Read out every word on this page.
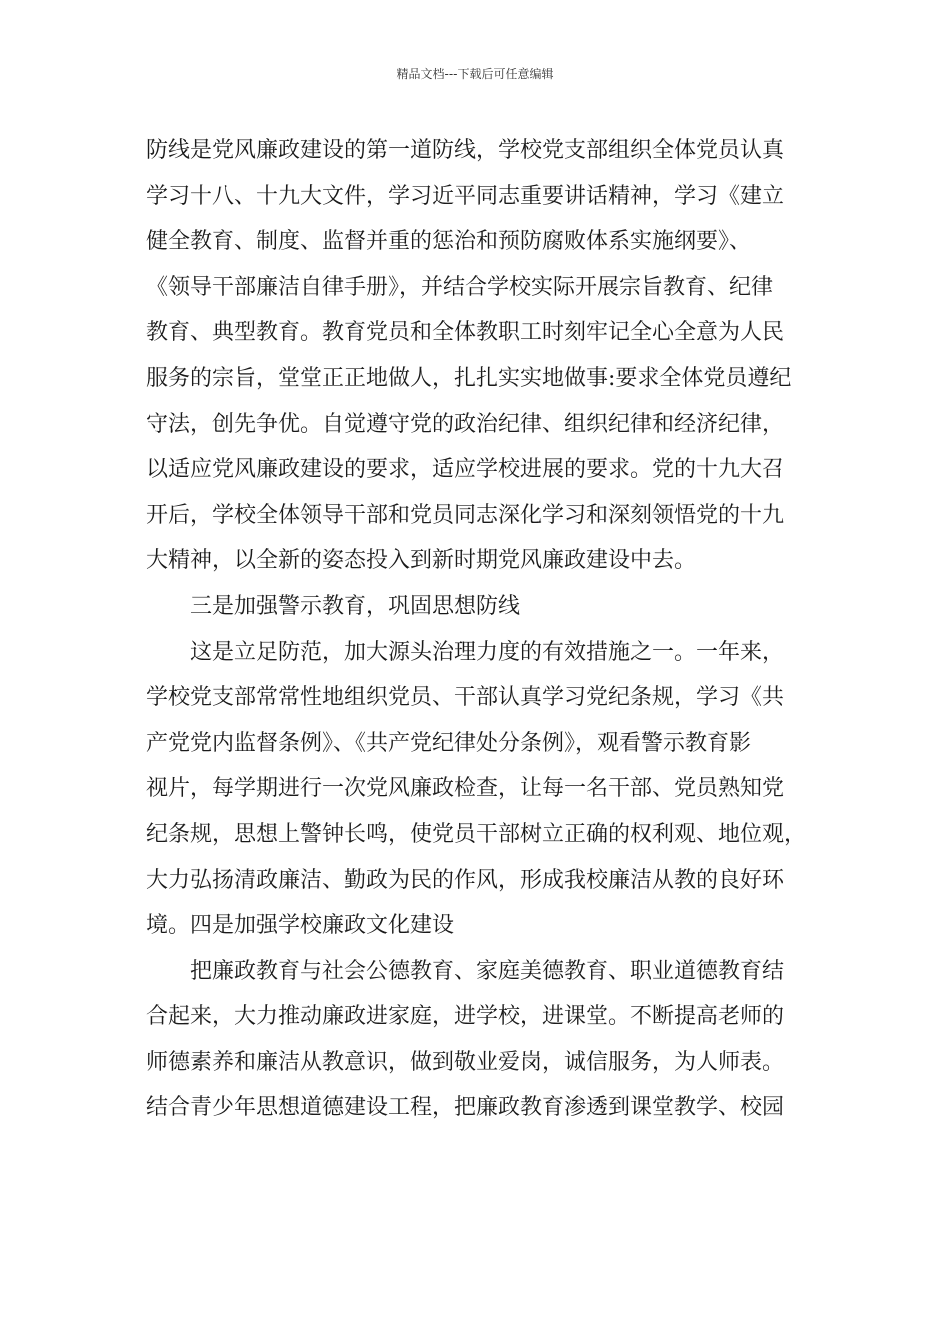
精品文档---下载后可任意编辑
防线是党风廉政建设的第一道防线，学校党支部组织全体党员认真
学习十八、十九大文件，学习近平同志重要讲话精神，学习《建立
健全教育、制度、监督并重的惩治和预防腐败体系实施纲要》、
《领导干部廉洁自律手册》，并结合学校实际开展宗旨教育、纪律
教育、典型教育。教育党员和全体教职工时刻牢记全心全意为人民
服务的宗旨，堂堂正正地做人，扎扎实实地做事:要求全体党员遵纪
守法，创先争优。自觉遵守党的政治纪律、组织纪律和经济纪律，
以适应党风廉政建设的要求，适应学校进展的要求。党的十九大召
开后，学校全体领导干部和党员同志深化学习和深刻领悟党的十九
大精神，以全新的姿态投入到新时期党风廉政建设中去。
三是加强警示教育，巩固思想防线
这是立足防范，加大源头治理力度的有效措施之一。一年来，
学校党支部常常性地组织党员、干部认真学习党纪条规，学习《共
产党党内监督条例》、《共产党纪律处分条例》，观看警示教育影
视片，每学期进行一次党风廉政检查，让每一名干部、党员熟知党
纪条规，思想上警钟长鸣，使党员干部树立正确的权利观、地位观，
大力弘扬清政廉洁、勤政为民的作风，形成我校廉洁从教的良好环
境。四是加强学校廉政文化建设
把廉政教育与社会公德教育、家庭美德教育、职业道德教育结
合起来，大力推动廉政进家庭，进学校，进课堂。不断提高老师的
师德素养和廉洁从教意识，做到敬业爱岗，诚信服务，为人师表。
结合青少年思想道德建设工程，把廉政教育渗透到课堂教学、校园
